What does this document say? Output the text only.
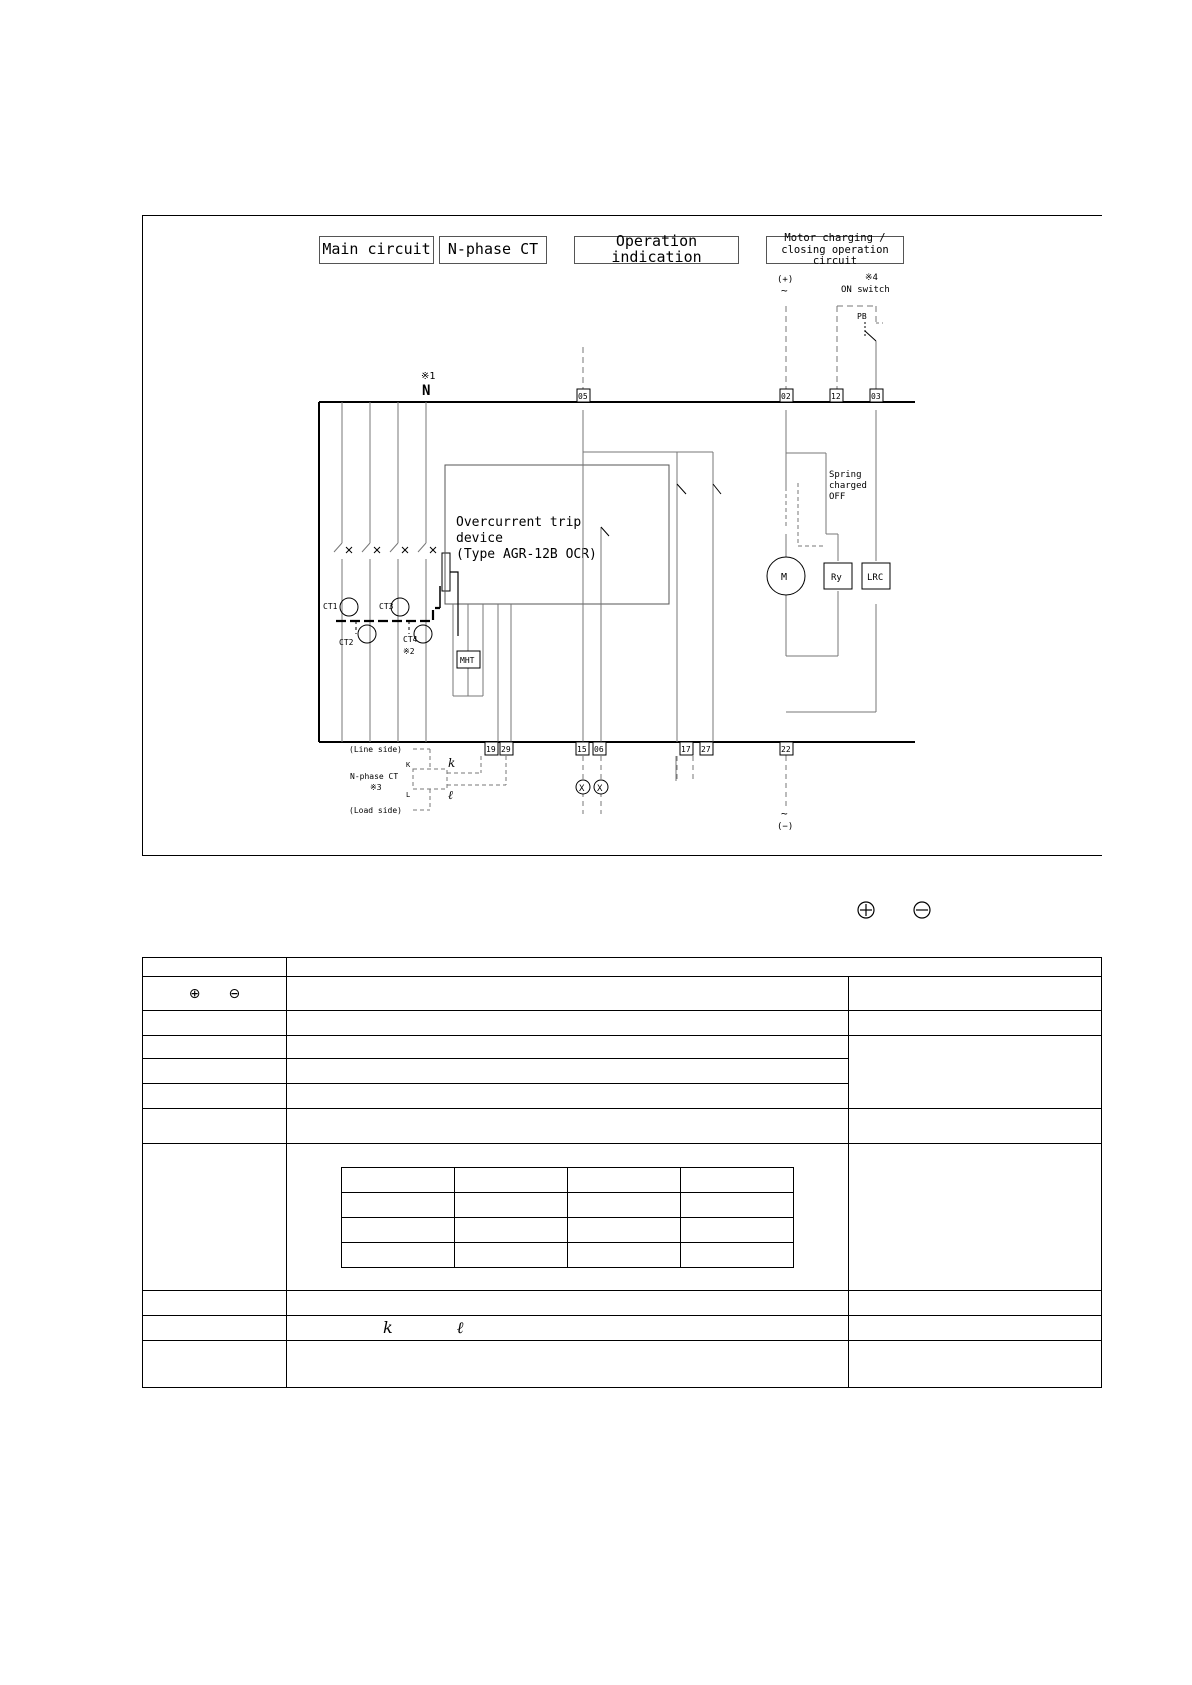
CT1	CT3
CT2	CT4
※2
※1
N
Overcurrent trip
device
(Type AGR-12B OCR)
MHT
X X
PB
※4
ON switch
(+)
~
~
(−)
Spring
charged
OFF
M	Ry	LRC
05	02	12	03
19 29	15 06	17 27	22
(Line side)
(Load side)
N-phase CT
※3
K
L
k
ℓ
Main circuit	N-phase CT	Operation indication
Motor charging /
closing operation circuit

⊕  ⊖		

	k    ℓ	
